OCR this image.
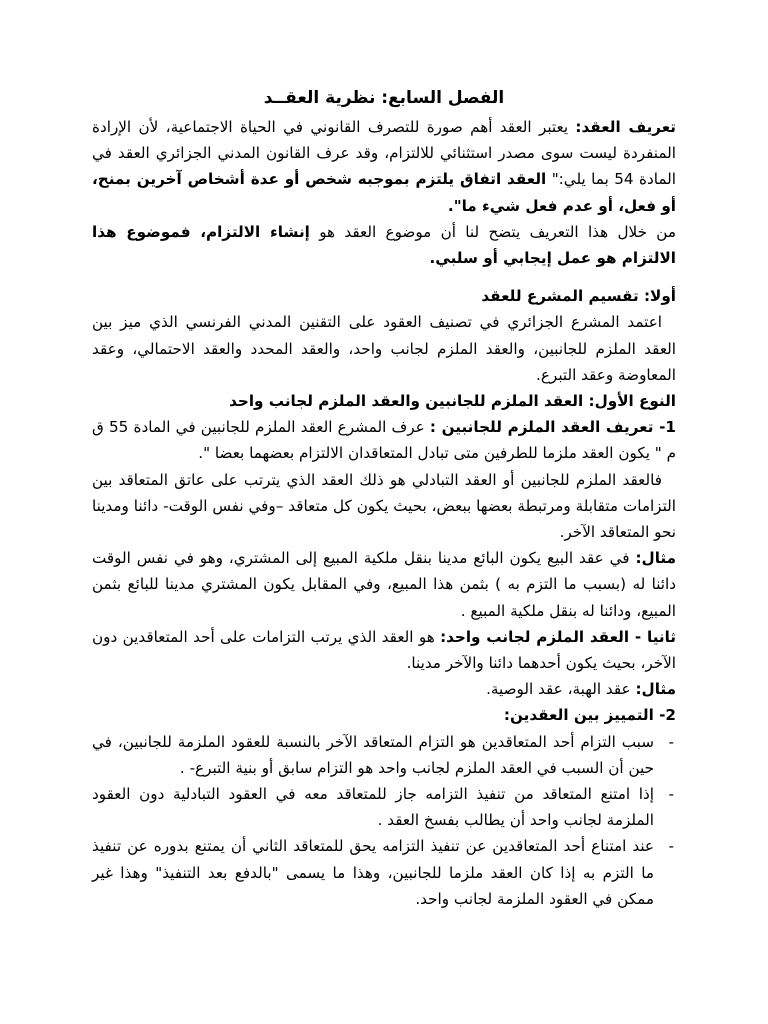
الفصل السابع: نظرية العقــد

تعريف العقد: يعتبر العقد أهم صورة للتصرف القانوني في الحياة الاجتماعية، لأن الإرادة المنفردة ليست سوى مصدر استثنائي للالتزام، وقد عرف القانون المدني الجزائري العقد في المادة 54 بما يلي:" العقد اتفاق يلتزم بموجبه شخص أو عدة أشخاص آخرين بمنح، أو فعل، أو عدم فعل شيء ما".

من خلال هذا التعريف يتضح لنا أن موضوع العقد هو إنشاء الالتزام، فموضوع هذا الالتزام هو عمل إيجابي أو سلبي.

أولا: تقسيم المشرع للعقد

اعتمد المشرع الجزائري في تصنيف العقود على التقنين المدني الفرنسي الذي ميز بين العقد الملزم للجانبين، والعقد الملزم لجانب واحد، والعقد المحدد والعقد الاحتمالي، وعقد المعاوضة وعقد التبرع.

النوع الأول: العقد الملزم للجانبين والعقد الملزم لجانب واحد

1- تعريف العقد الملزم للجانبين : عرف المشرع العقد الملزم للجانبين في المادة 55 ق م " يكون العقد ملزما للطرفين متى تبادل المتعاقدان الالتزام بعضهما بعضا ".

فالعقد الملزم للجانبين أو العقد التبادلي هو ذلك العقد الذي يترتب على عاتق المتعاقد بين التزامات متقابلة ومرتبطة بعضها ببعض، بحيث يكون كل متعاقد –وفي نفس الوقت- دائنا ومدينا نحو المتعاقد الآخر.

مثال: في عقد البيع يكون البائع مدينا بنقل ملكية المبيع إلى المشتري، وهو في نفس الوقت دائنا له (بسبب ما التزم به ) بثمن هذا المبيع، وفي المقابل يكون المشتري مدينا للبائع بثمن المبيع، ودائنا له بنقل ملكية المبيع .

ثانيا - العقد الملزم لجانب واحد: هو العقد الذي يرتب التزامات على أحد المتعاقدين دون الآخر، بحيث يكون أحدهما دائنا والآخر مدينا.

مثال: عقد الهبة، عقد الوصية.

2- التمييز بين العقدين:

-
سبب التزام أحد المتعاقدين هو التزام المتعاقد الآخر بالنسبة للعقود الملزمة للجانبين، في حين أن السبب في العقد الملزم لجانب واحد هو التزام سابق أو بنية التبرع- .
-
إذا امتنع المتعاقد من تنفيذ التزامه جاز للمتعاقد معه في العقود التبادلية دون العقود الملزمة لجانب واحد أن يطالب بفسخ العقد .
-
عند امتناع أحد المتعاقدين عن تنفيذ التزامه يحق للمتعاقد الثاني أن يمتنع بدوره عن تنفيذ ما التزم به إذا كان العقد ملزما للجانبين، وهذا ما يسمى "بالدفع بعد التنفيذ" وهذا غير ممكن في العقود الملزمة لجانب واحد.
